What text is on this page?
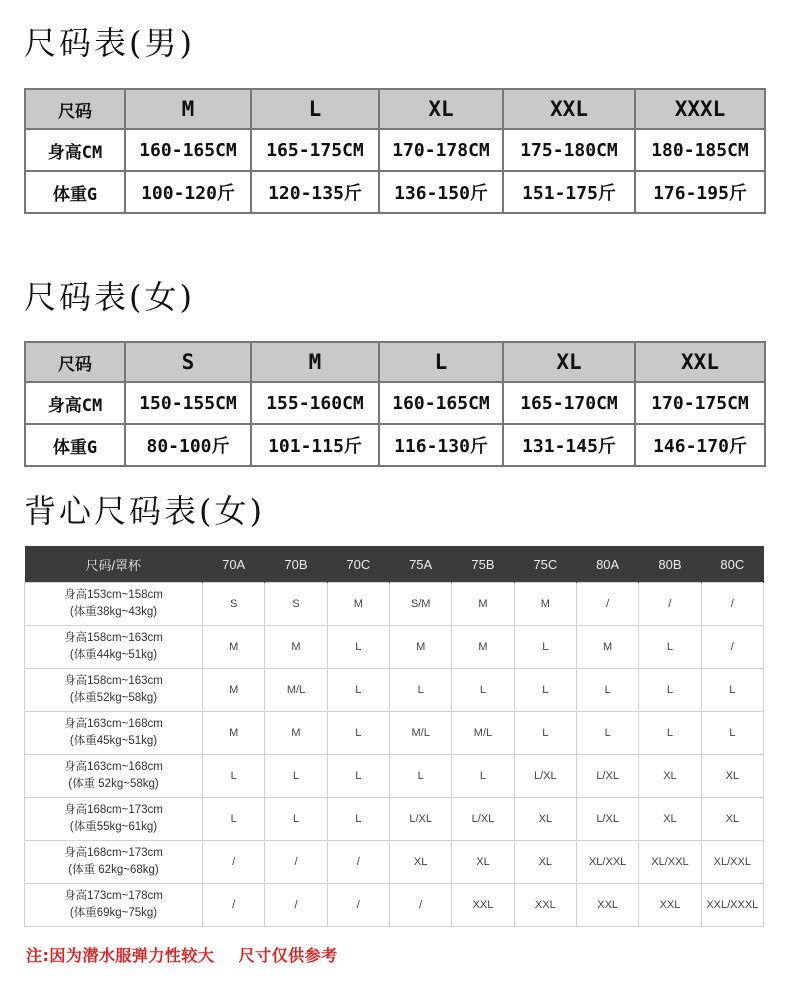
尺码表(男)
尺码	M	L	XL	XXL	XXXL
身高CM	160-165CM	165-175CM	170-178CM	175-180CM	180-185CM
体重G	100-120斤	120-135斤	136-150斤	151-175斤	176-195斤
尺码表(女)
尺码	S	M	L	XL	XXL
身高CM	150-155CM	155-160CM	160-165CM	165-170CM	170-175CM
体重G	80-100斤	101-115斤	116-130斤	131-145斤	146-170斤
背心尺码表(女)
尺码/罩杯	70A	70B	70C	75A	75B	75C	80A	80B	80C

身高153cm~158cm
(体重38kg~43kg)	S	S	M	S/M	M	M	/	/	/

身高158cm~163cm
(体重44kg~51kg)	M	M	L	M	M	L	M	L	/

身高158cm~163cm
(体重52kg~58kg)	M	M/L	L	L	L	L	L	L	L

身高163cm~168cm
(体重45kg~51kg)	M	M	L	M/L	M/L	L	L	L	L

身高163cm~168cm
(体重 52kg~58kg)	L	L	L	L	L	L/XL	L/XL	XL	XL

身高168cm~173cm
(体重55kg~61kg)	L	L	L	L/XL	L/XL	XL	L/XL	XL	XL

身高168cm~173cm
(体重 62kg~68kg)	/	/	/	XL	XL	XL	XL/XXL	XL/XXL	XL/XXL

身高173cm~178cm
(体重69kg~75kg)	/	/	/	/	XXL	XXL	XXL	XXL	XXL/XXXL

注:因为潜水服弹力性较大    尺寸仅供参考
